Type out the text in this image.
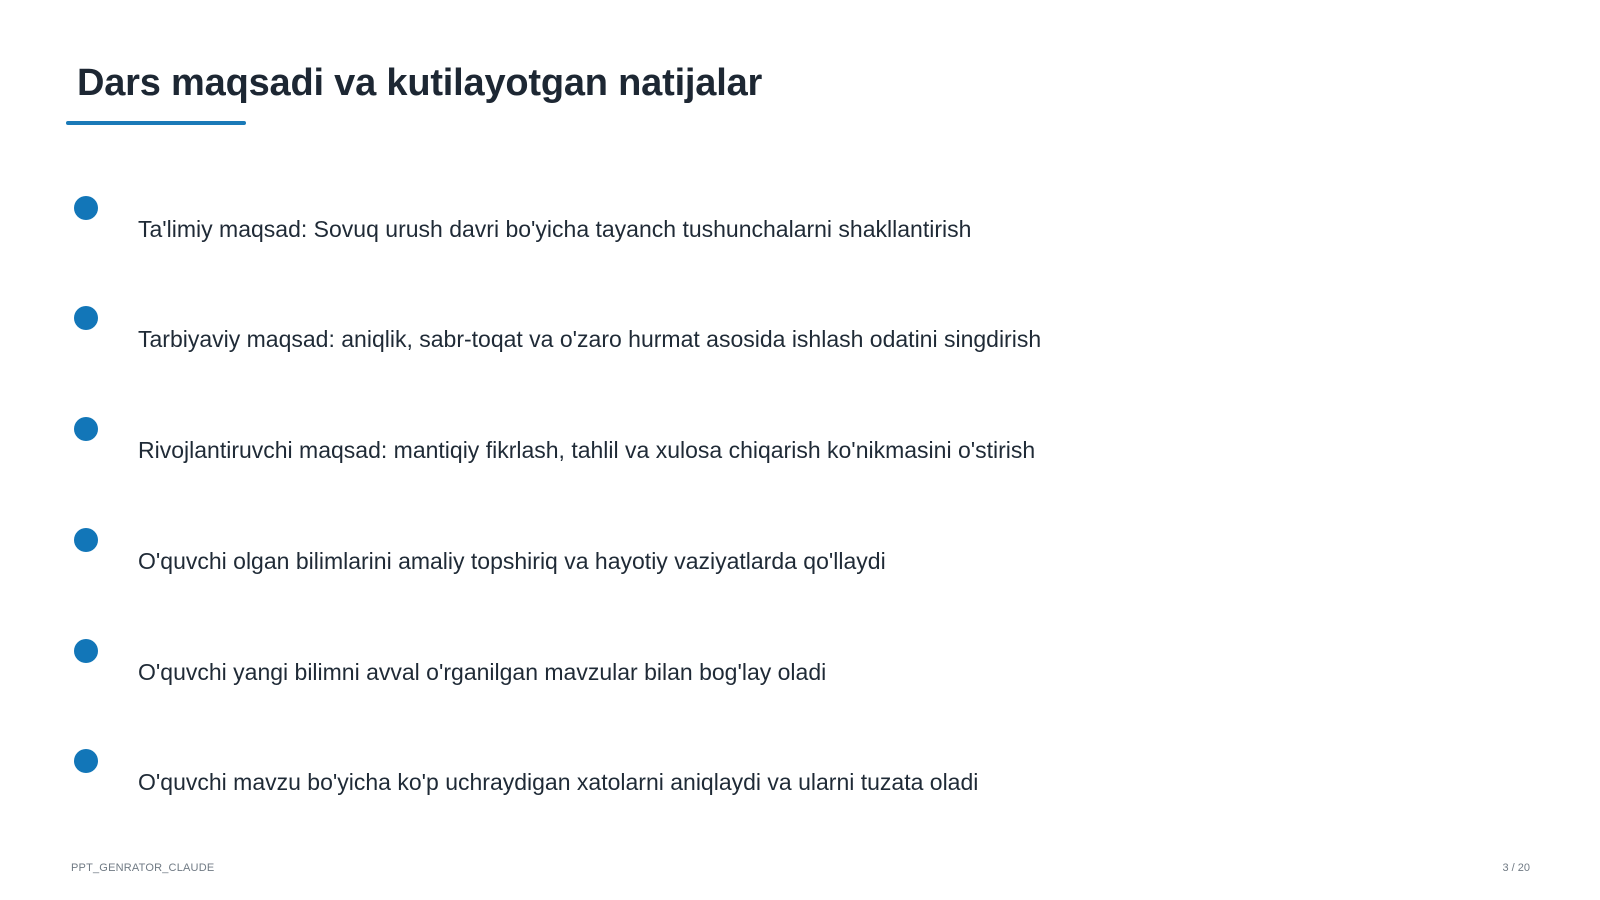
Dars maqsadi va kutilayotgan natijalar
Ta'limiy maqsad: Sovuq urush davri bo'yicha tayanch tushunchalarni shakllantirish
Tarbiyaviy maqsad: aniqlik, sabr-toqat va o'zaro hurmat asosida ishlash odatini singdirish
Rivojlantiruvchi maqsad: mantiqiy fikrlash, tahlil va xulosa chiqarish ko'nikmasini o'stirish
O'quvchi olgan bilimlarini amaliy topshiriq va hayotiy vaziyatlarda qo'llaydi
O'quvchi yangi bilimni avval o'rganilgan mavzular bilan bog'lay oladi
O'quvchi mavzu bo'yicha ko'p uchraydigan xatolarni aniqlaydi va ularni tuzata oladi
PPT_GENRATOR_CLAUDE	3 / 20
